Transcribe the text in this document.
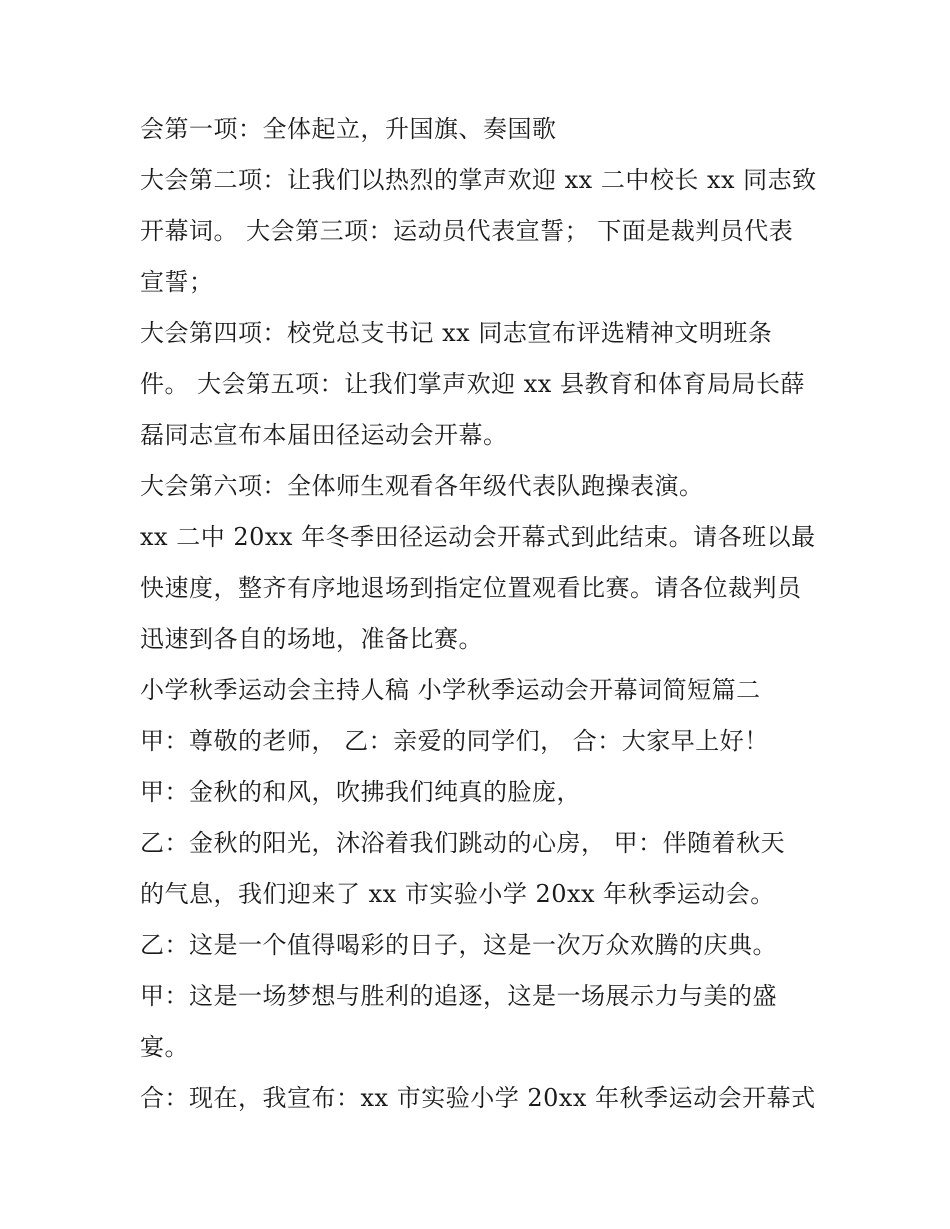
会第一项：全体起立，升国旗、奏国歌
大会第二项：让我们以热烈的掌声欢迎 xx 二中校长 xx 同志致
开幕词。 大会第三项：运动员代表宣誓； 下面是裁判员代表
宣誓；
大会第四项：校党总支书记 xx 同志宣布评选精神文明班条
件。 大会第五项：让我们掌声欢迎 xx 县教育和体育局局长薛
磊同志宣布本届田径运动会开幕。
大会第六项：全体师生观看各年级代表队跑操表演。
xx 二中 20xx 年冬季田径运动会开幕式到此结束。请各班以最
快速度，整齐有序地退场到指定位置观看比赛。请各位裁判员
迅速到各自的场地，准备比赛。
小学秋季运动会主持人稿 小学秋季运动会开幕词简短篇二
甲：尊敬的老师， 乙：亲爱的同学们， 合：大家早上好！
甲：金秋的和风，吹拂我们纯真的脸庞，
乙：金秋的阳光，沐浴着我们跳动的心房， 甲：伴随着秋天
的气息，我们迎来了 xx 市实验小学 20xx 年秋季运动会。
乙：这是一个值得喝彩的日子，这是一次万众欢腾的庆典。
甲：这是一场梦想与胜利的追逐，这是一场展示力与美的盛
宴。
合：现在，我宣布：xx 市实验小学 20xx 年秋季运动会开幕式
